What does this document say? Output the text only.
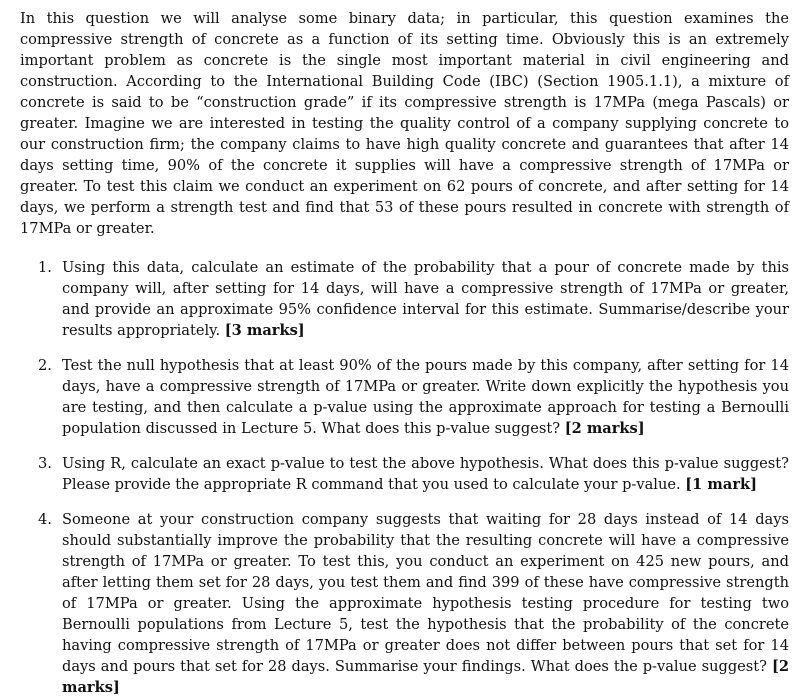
In this question we will analyse some binary data; in particular, this question examines the compressive strength of concrete as a function of its setting time. Obviously this is an extremely important problem as concrete is the single most important material in civil engineering and construction. According to the International Building Code (IBC) (Section 1905.1.1), a mixture of concrete is said to be “construction grade” if its compressive strength is 17MPa (mega Pascals) or greater. Imagine we are interested in testing the quality control of a company supplying concrete to our construction firm; the company claims to have high quality concrete and guarantees that after 14 days setting time, 90% of the concrete it supplies will have a compressive strength of 17MPa or greater. To test this claim we conduct an experiment on 62 pours of concrete, and after setting for 14 days, we perform a strength test and find that 53 of these pours resulted in concrete with strength of 17MPa or greater.

1. Using this data, calculate an estimate of the probability that a pour of concrete made by this company will, after setting for 14 days, will have a compressive strength of 17MPa or greater, and provide an approximate 95% confidence interval for this estimate. Summarise/describe your results appropriately. [3 marks]
2. Test the null hypothesis that at least 90% of the pours made by this company, after setting for 14 days, have a compressive strength of 17MPa or greater. Write down explicitly the hypothesis you are testing, and then calculate a p-value using the approximate approach for testing a Bernoulli population discussed in Lecture 5. What does this p-value suggest? [2 marks]
3. Using R, calculate an exact p-value to test the above hypothesis. What does this p-value suggest? Please provide the appropriate R command that you used to calculate your p-value. [1 mark]
4. Someone at your construction company suggests that waiting for 28 days instead of 14 days should substantially improve the probability that the resulting concrete will have a compressive strength of 17MPa or greater. To test this, you conduct an experiment on 425 new pours, and after letting them set for 28 days, you test them and find 399 of these have compressive strength of 17MPa or greater. Using the approximate hypothesis testing procedure for testing two Bernoulli populations from Lecture 5, test the hypothesis that the probability of the concrete having compressive strength of 17MPa or greater does not differ between pours that set for 14 days and pours that set for 28 days. Summarise your findings. What does the p-value suggest? [2 marks]
